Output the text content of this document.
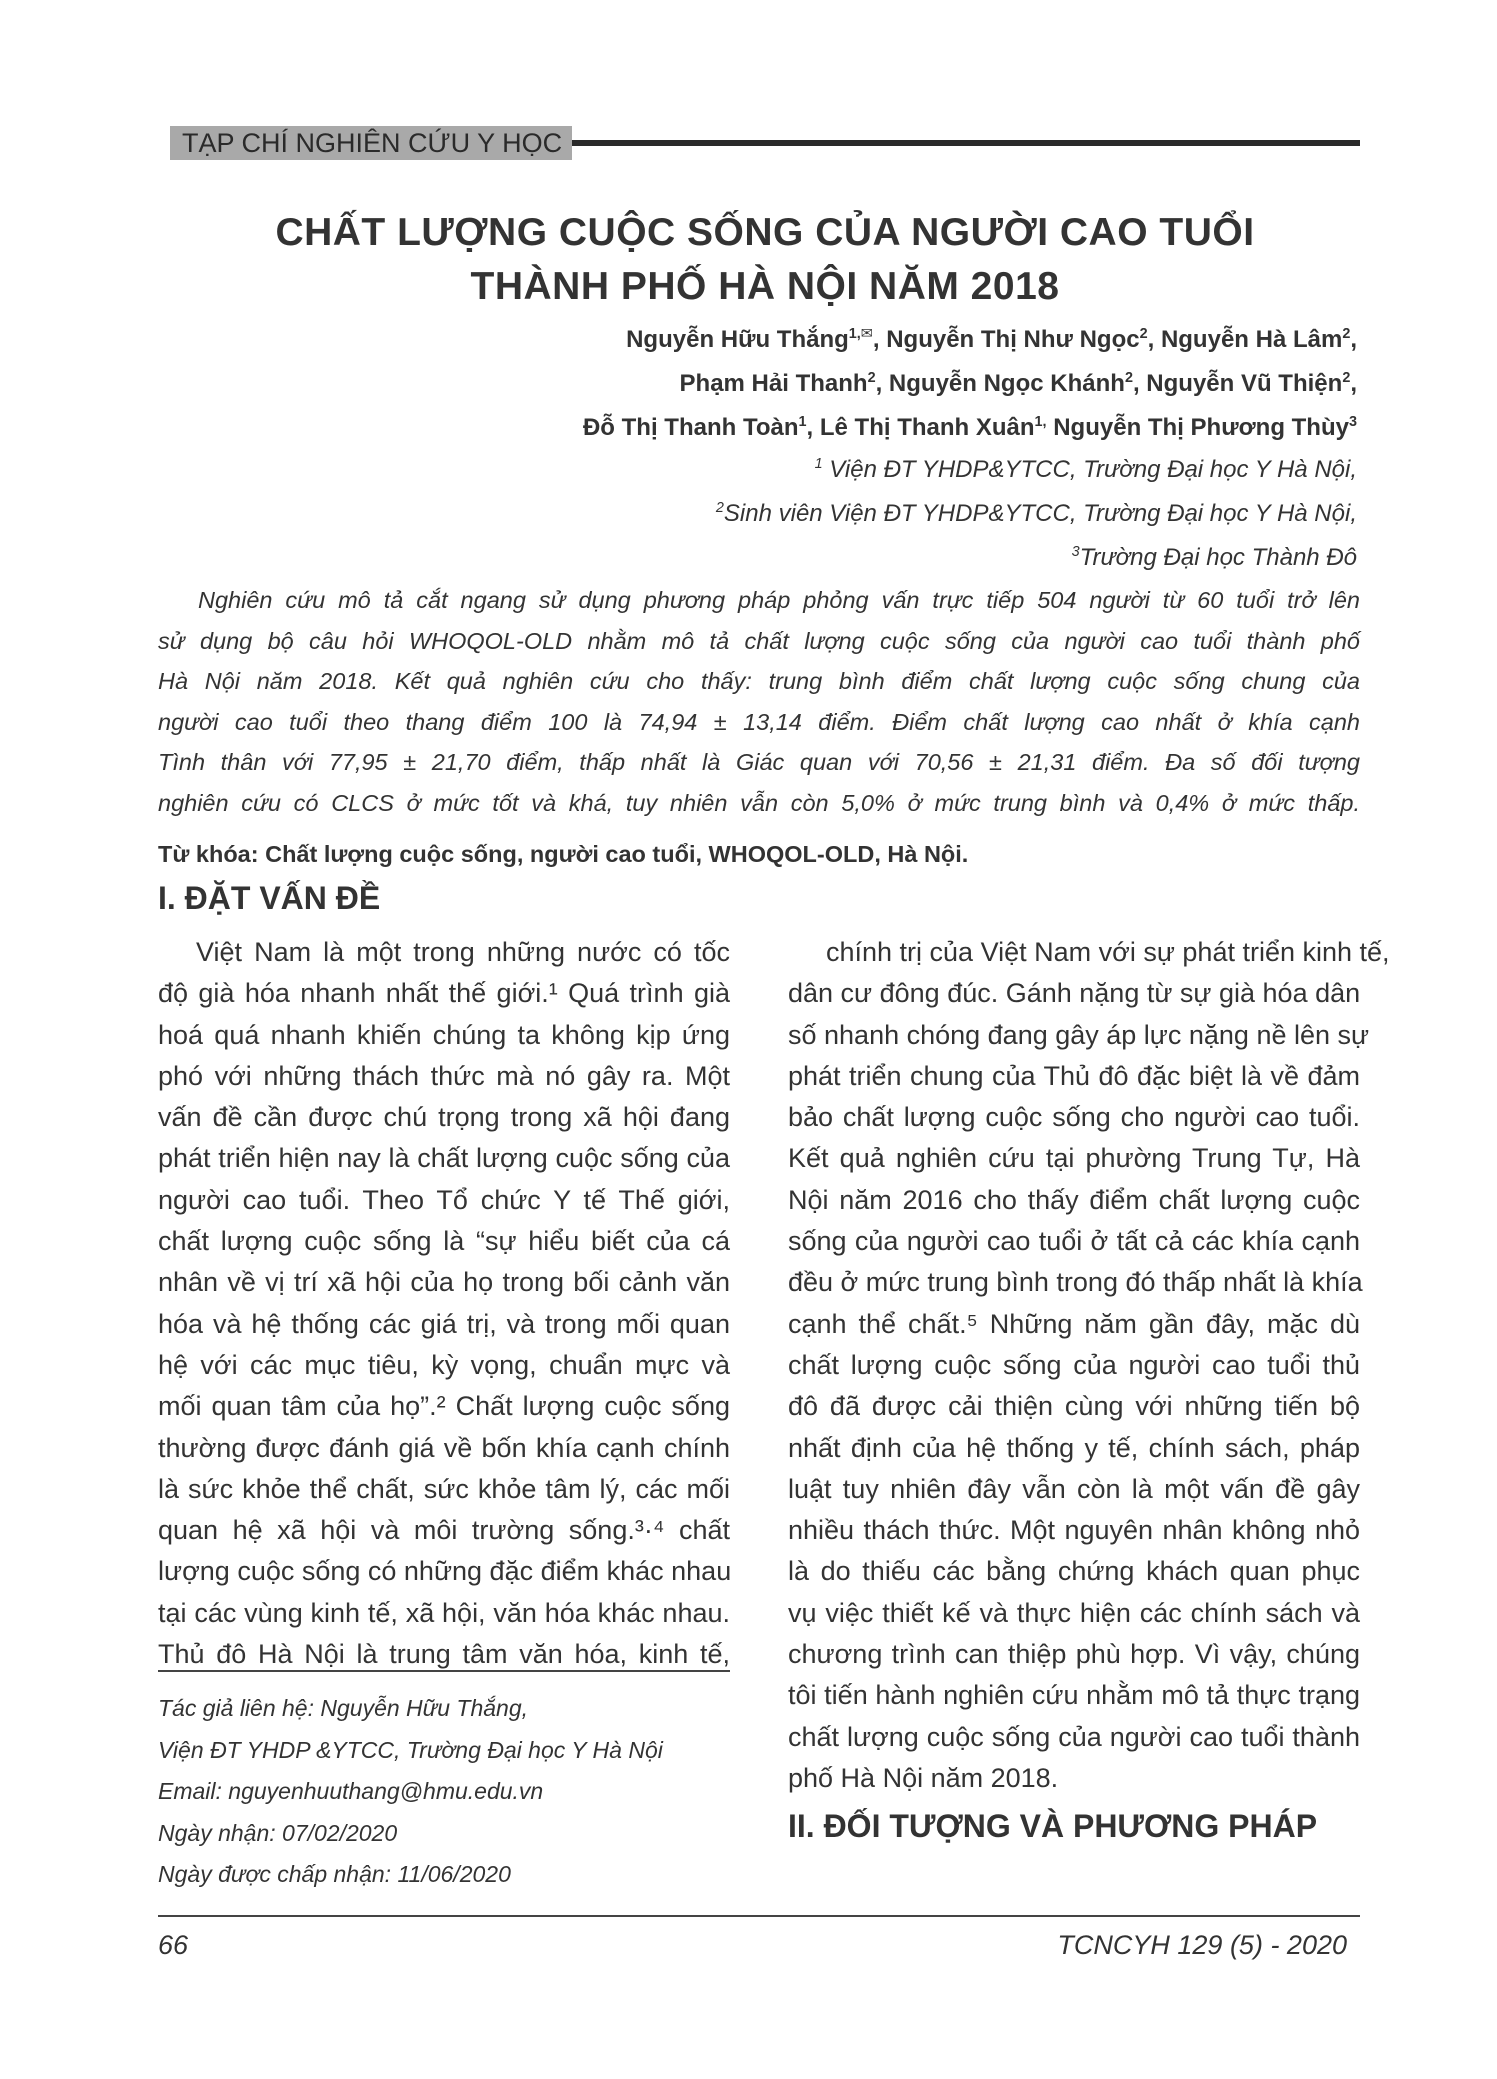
TẠP CHÍ NGHIÊN CỨU Y HỌC
CHẤT LƯỢNG CUỘC SỐNG CỦA NGƯỜI CAO TUỔI
THÀNH PHỐ HÀ NỘI NĂM 2018
Nguyễn Hữu Thắng$^{1,✉}$, Nguyễn Thị Như Ngọc$^2$, Nguyễn Hà Lâm$^2$,
Phạm Hải Thanh$^2$, Nguyễn Ngọc Khánh$^2$, Nguyễn Vũ Thiện$^2$,
Đỗ Thị Thanh Toàn$^1$, Lê Thị Thanh Xuân$^{1,}$ Nguyễn Thị Phương Thùy$^3$
$^1$ Viện ĐT YHDP&YTCC, Trường Đại học Y Hà Nội,
$^2$Sinh viên Viện ĐT YHDP&YTCC, Trường Đại học Y Hà Nội,
$^3$Trường Đại học Thành Đô
Nghiên cứu mô tả cắt ngang sử dụng phương pháp phỏng vấn trực tiếp 504 người từ 60 tuổi trở lên
sử dụng bộ câu hỏi WHOQOL-OLD nhằm mô tả chất lượng cuộc sống của người cao tuổi thành phố
Hà Nội năm 2018. Kết quả nghiên cứu cho thấy: trung bình điểm chất lượng cuộc sống chung của
người cao tuổi theo thang điểm 100 là 74,94 ± 13,14 điểm. Điểm chất lượng cao nhất ở khía cạnh
Tình thân với 77,95 ± 21,70 điểm, thấp nhất là Giác quan với 70,56 ± 21,31 điểm. Đa số đối tượng
nghiên cứu có CLCS ở mức tốt và khá, tuy nhiên vẫn còn 5,0% ở mức trung bình và 0,4% ở mức thấp.
Từ khóa: Chất lượng cuộc sống, người cao tuổi, WHOQOL-OLD, Hà Nội.
I. ĐẶT VẤN ĐỀ
Việt Nam là một trong những nước có tốc
độ già hóa nhanh nhất thế giới.¹ Quá trình già
hoá quá nhanh khiến chúng ta không kịp ứng
phó với những thách thức mà nó gây ra. Một
vấn đề cần được chú trọng trong xã hội đang
phát triển hiện nay là chất lượng cuộc sống của
người cao tuổi. Theo Tổ chức Y tế Thế giới,
chất lượng cuộc sống là “sự hiểu biết của cá
nhân về vị trí xã hội của họ trong bối cảnh văn
hóa và hệ thống các giá trị, và trong mối quan
hệ với các mục tiêu, kỳ vọng, chuẩn mực và
mối quan tâm của họ”.² Chất lượng cuộc sống
thường được đánh giá về bốn khía cạnh chính
là sức khỏe thể chất, sức khỏe tâm lý, các mối
quan hệ xã hội và môi trường sống.³·⁴ chất
lượng cuộc sống có những đặc điểm khác nhau
tại các vùng kinh tế, xã hội, văn hóa khác nhau.
Thủ đô Hà Nội là trung tâm văn hóa, kinh tế,
chính trị của Việt Nam với sự phát triển kinh tế,
dân cư đông đúc. Gánh nặng từ sự già hóa dân
số nhanh chóng đang gây áp lực nặng nề lên sự
phát triển chung của Thủ đô đặc biệt là về đảm
bảo chất lượng cuộc sống cho người cao tuổi.
Kết quả nghiên cứu tại phường Trung Tự, Hà
Nội năm 2016 cho thấy điểm chất lượng cuộc
sống của người cao tuổi ở tất cả các khía cạnh
đều ở mức trung bình trong đó thấp nhất là khía
cạnh thể chất.⁵ Những năm gần đây, mặc dù
chất lượng cuộc sống của người cao tuổi thủ
đô đã được cải thiện cùng với những tiến bộ
nhất định của hệ thống y tế, chính sách, pháp
luật tuy nhiên đây vẫn còn là một vấn đề gây
nhiều thách thức. Một nguyên nhân không nhỏ
là do thiếu các bằng chứng khách quan phục
vụ việc thiết kế và thực hiện các chính sách và
chương trình can thiệp phù hợp. Vì vậy, chúng
tôi tiến hành nghiên cứu nhằm mô tả thực trạng
chất lượng cuộc sống của người cao tuổi thành
phố Hà Nội năm 2018.
II. ĐỐI TƯỢNG VÀ PHƯƠNG PHÁP
Tác giả liên hệ: Nguyễn Hữu Thắng,
Viện ĐT YHDP &YTCC, Trường Đại học Y Hà Nội
Email: nguyenhuuthang@hmu.edu.vn
Ngày nhận: 07/02/2020
Ngày được chấp nhận: 11/06/2020
66	TCNCYH 129 (5) - 2020
